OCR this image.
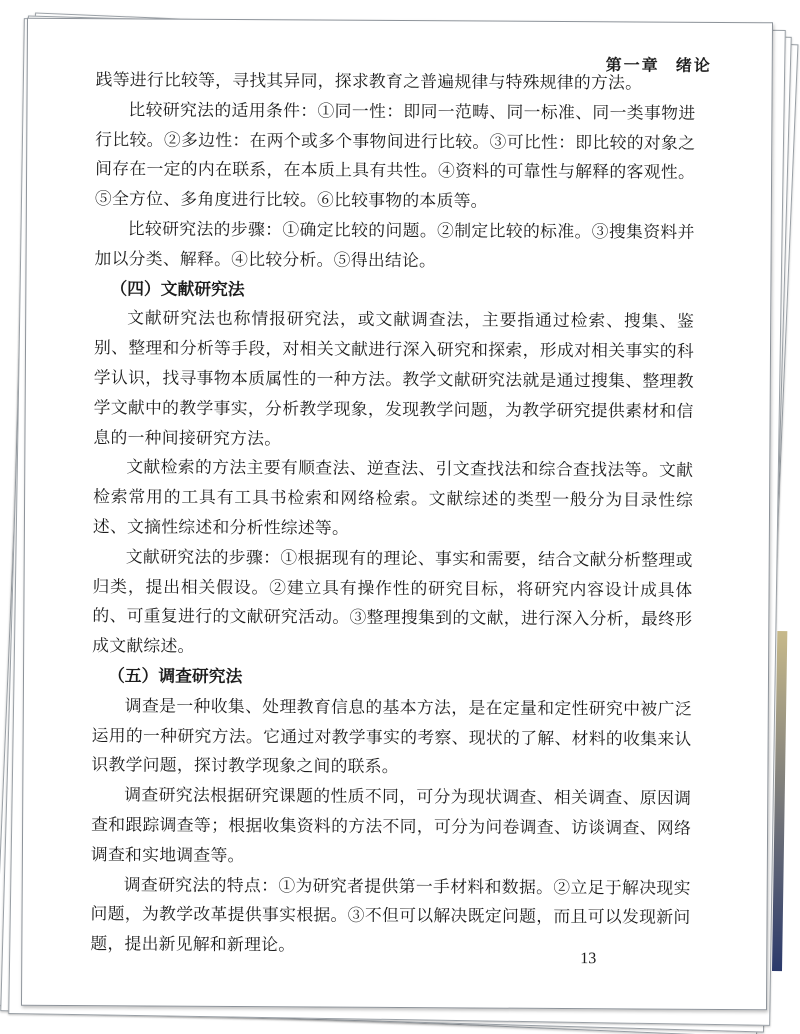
第一章 绪论

践等进行比较等，寻找其异同，探求教育之普遍规律与特殊规律的方法。

比较研究法的适用条件：①同一性：即同一范畴、同一标准、同一类事物进行比较。②多边性：在两个或多个事物间进行比较。③可比性：即比较的对象之间存在一定的内在联系，在本质上具有共性。④资料的可靠性与解释的客观性。⑤全方位、多角度进行比较。⑥比较事物的本质等。

比较研究法的步骤：①确定比较的问题。②制定比较的标准。③搜集资料并加以分类、解释。④比较分析。⑤得出结论。

（四）文献研究法

文献研究法也称情报研究法，或文献调查法，主要指通过检索、搜集、鉴别、整理和分析等手段，对相关文献进行深入研究和探索，形成对相关事实的科学认识，找寻事物本质属性的一种方法。教学文献研究法就是通过搜集、整理教学文献中的教学事实，分析教学现象，发现教学问题，为教学研究提供素材和信息的一种间接研究方法。

文献检索的方法主要有顺查法、逆查法、引文查找法和综合查找法等。文献检索常用的工具有工具书检索和网络检索。文献综述的类型一般分为目录性综述、文摘性综述和分析性综述等。

文献研究法的步骤：①根据现有的理论、事实和需要，结合文献分析整理或归类，提出相关假设。②建立具有操作性的研究目标，将研究内容设计成具体的、可重复进行的文献研究活动。③整理搜集到的文献，进行深入分析，最终形成文献综述。

（五）调查研究法

调查是一种收集、处理教育信息的基本方法，是在定量和定性研究中被广泛运用的一种研究方法。它通过对教学事实的考察、现状的了解、材料的收集来认识教学问题，探讨教学现象之间的联系。

调查研究法根据研究课题的性质不同，可分为现状调查、相关调查、原因调查和跟踪调查等；根据收集资料的方法不同，可分为问卷调查、访谈调查、网络调查和实地调查等。

调查研究法的特点：①为研究者提供第一手材料和数据。②立足于解决现实问题，为教学改革提供事实根据。③不但可以解决既定问题，而且可以发现新问题，提出新见解和新理论。

13
